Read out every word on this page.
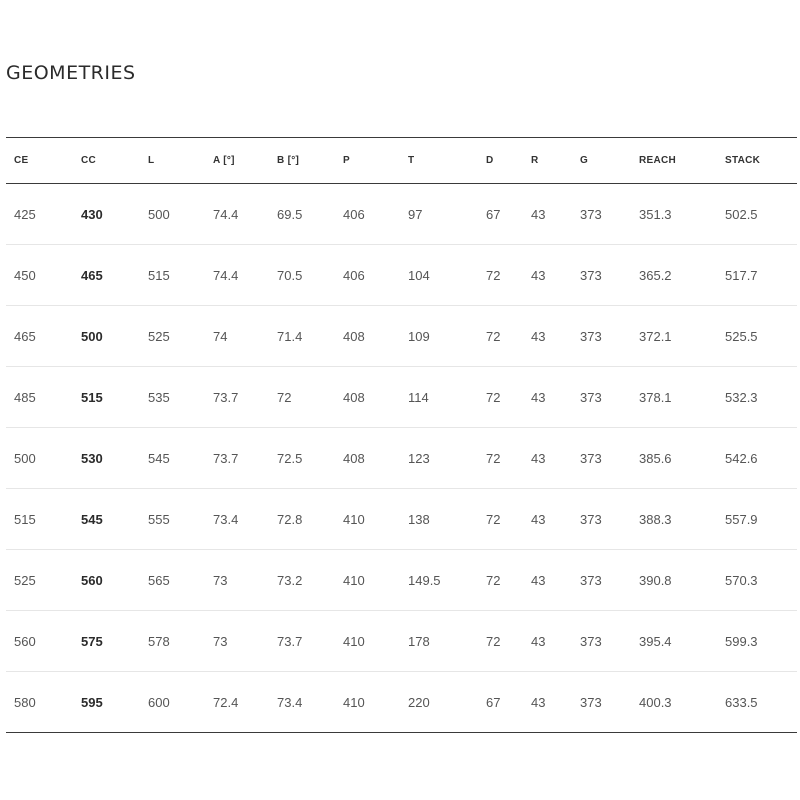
GEOMETRIES
CE	CC	L	A [°]	B [°]	P	T	D	R	G	REACH	STACK
425	430	500	74.4	69.5	406	97	67	43	373	351.3	502.5
450	465	515	74.4	70.5	406	104	72	43	373	365.2	517.7
465	500	525	74	71.4	408	109	72	43	373	372.1	525.5
485	515	535	73.7	72	408	114	72	43	373	378.1	532.3
500	530	545	73.7	72.5	408	123	72	43	373	385.6	542.6
515	545	555	73.4	72.8	410	138	72	43	373	388.3	557.9
525	560	565	73	73.2	410	149.5	72	43	373	390.8	570.3
560	575	578	73	73.7	410	178	72	43	373	395.4	599.3
580	595	600	72.4	73.4	410	220	67	43	373	400.3	633.5
